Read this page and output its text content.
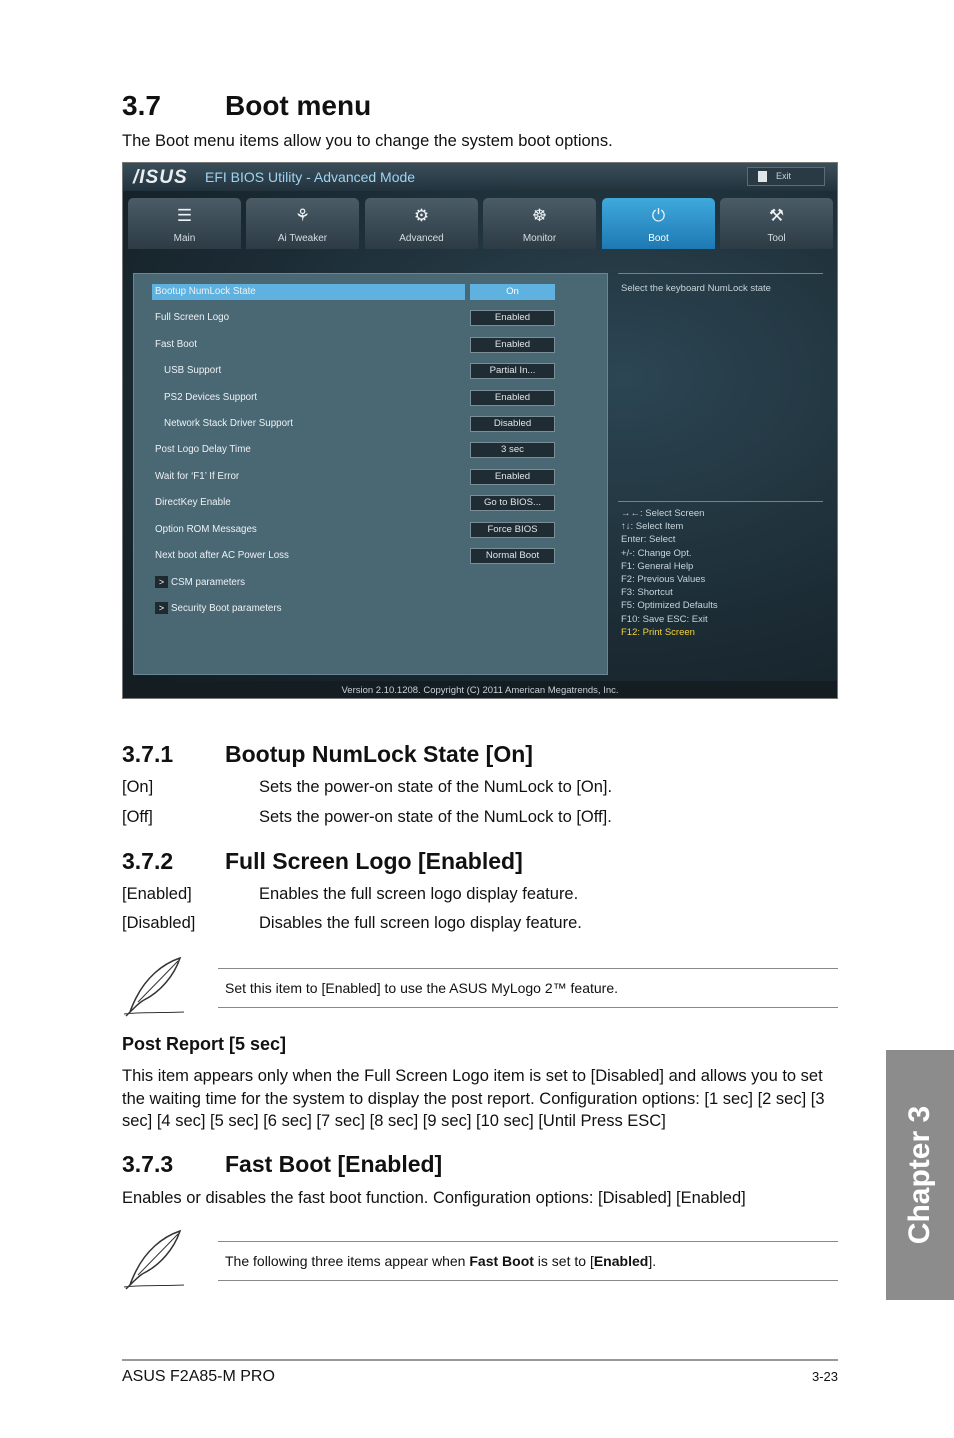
3.7 Boot menu
The Boot menu items allow you to change the system boot options.
/ISUS EFI BIOS Utility - Advanced Mode	Exit
☰
Main
⚘
Ai Tweaker
⚙
Advanced
☸
Monitor
⏻
Boot
⚒
Tool
Bootup NumLock State	On
Full Screen Logo	Enabled
Fast Boot	Enabled
USB Support	Partial In...
PS2 Devices Support	Enabled
Network Stack Driver Support	Disabled
Post Logo Delay Time	3 sec
Wait for ‘F1’ If Error	Enabled
DirectKey Enable	Go to BIOS...
Option ROM Messages	Force BIOS
Next boot after AC Power Loss	Normal Boot
> CSM parameters
> Security Boot parameters
Select the keyboard NumLock state
→←: Select Screen
↑↓: Select Item
Enter: Select
+/-: Change Opt.
F1: General Help
F2: Previous Values
F3: Shortcut
F5: Optimized Defaults
F10: Save ESC: Exit
F12: Print Screen
Version 2.10.1208. Copyright (C) 2011 American Megatrends, Inc.
3.7.1 Bootup NumLock State [On]
[On]	Sets the power-on state of the NumLock to [On].
[Off]	Sets the power-on state of the NumLock to [Off].
3.7.2 Full Screen Logo [Enabled]
[Enabled]	Enables the full screen logo display feature.
[Disabled]	Disables the full screen logo display feature.
Set this item to [Enabled] to use the ASUS MyLogo 2™ feature.
Post Report [5 sec]
This item appears only when the Full Screen Logo item is set to [Disabled] and allows you to set the waiting time for the system to display the post report. Configuration options: [1 sec] [2 sec] [3 sec] [4 sec] [5 sec] [6 sec] [7 sec] [8 sec] [9 sec] [10 sec] [Until Press ESC]
3.7.3 Fast Boot [Enabled]
Enables or disables the fast boot function. Configuration options: [Disabled] [Enabled]
The following three items appear when Fast Boot is set to [Enabled].
ASUS F2A85-M PRO	3-23
Chapter 3
